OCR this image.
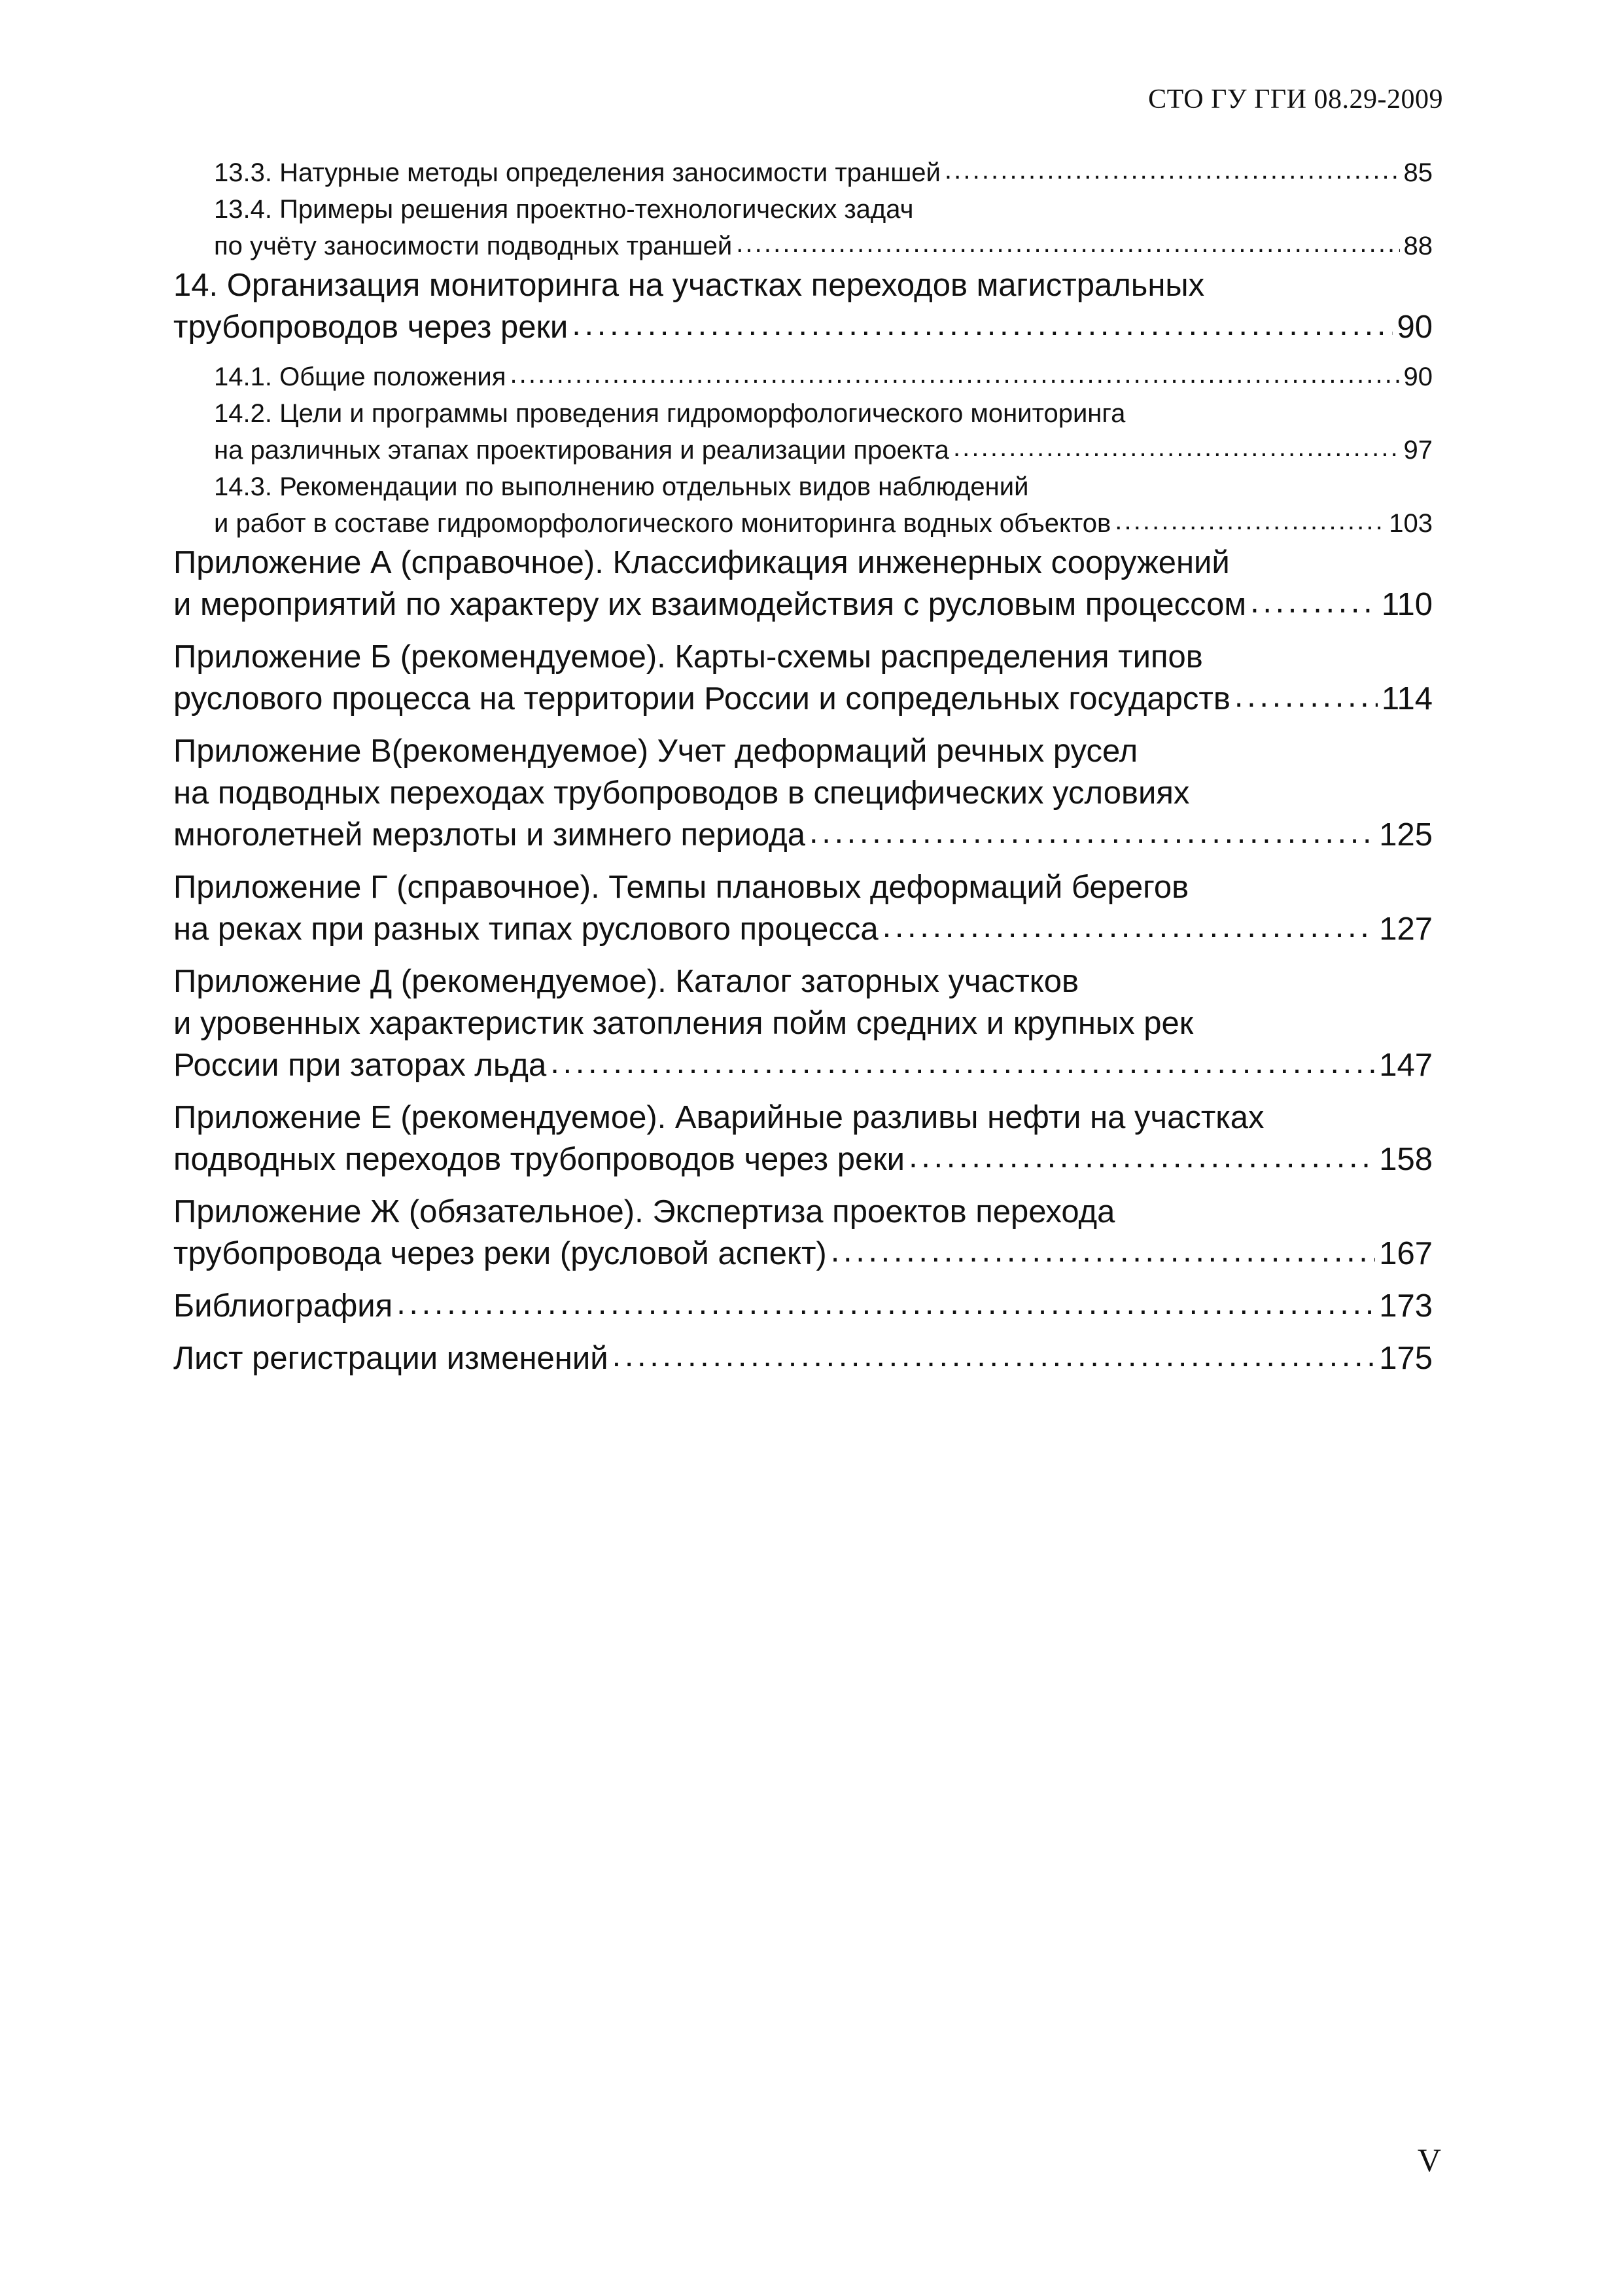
СТО ГУ ГГИ 08.29-2009
13.3. Натурные методы определения заносимости траншей . . .	85
13.4. Примеры решения проектно-технологических задач
по учёту заносимости подводных траншей . . .	88
14. Организация мониторинга на участках переходов магистральных
трубопроводов через реки . . .	90
14.1. Общие положения . . .	90
14.2. Цели и программы проведения гидроморфологического мониторинга
на различных этапах проектирования и реализации проекта . . .	97
14.3. Рекомендации по выполнению отдельных видов наблюдений
и работ в составе гидроморфологического мониторинга водных объектов . . .	103
Приложение А (справочное). Классификация инженерных сооружений
и мероприятий по характеру их взаимодействия с русловым процессом . . .	110
Приложение Б (рекомендуемое). Карты-схемы распределения типов
руслового процесса на территории России и сопредельных государств . . .	114
Приложение В(рекомендуемое) Учет деформаций речных русел
на подводных переходах трубопроводов в специфических условиях
многолетней мерзлоты и зимнего периода . . .	125
Приложение Г (справочное). Темпы плановых деформаций берегов
на реках при разных типах руслового процесса . . .	127
Приложение Д (рекомендуемое). Каталог заторных участков
и уровенных характеристик затопления пойм средних и крупных рек
России при заторах льда . . .	147
Приложение Е (рекомендуемое). Аварийные разливы нефти на участках
подводных переходов трубопроводов через реки . . .	158
Приложение Ж (обязательное). Экспертиза проектов перехода
трубопровода через реки (русловой аспект) . . .	167
Библиография . . .	173
Лист регистрации изменений . . .	175
V
